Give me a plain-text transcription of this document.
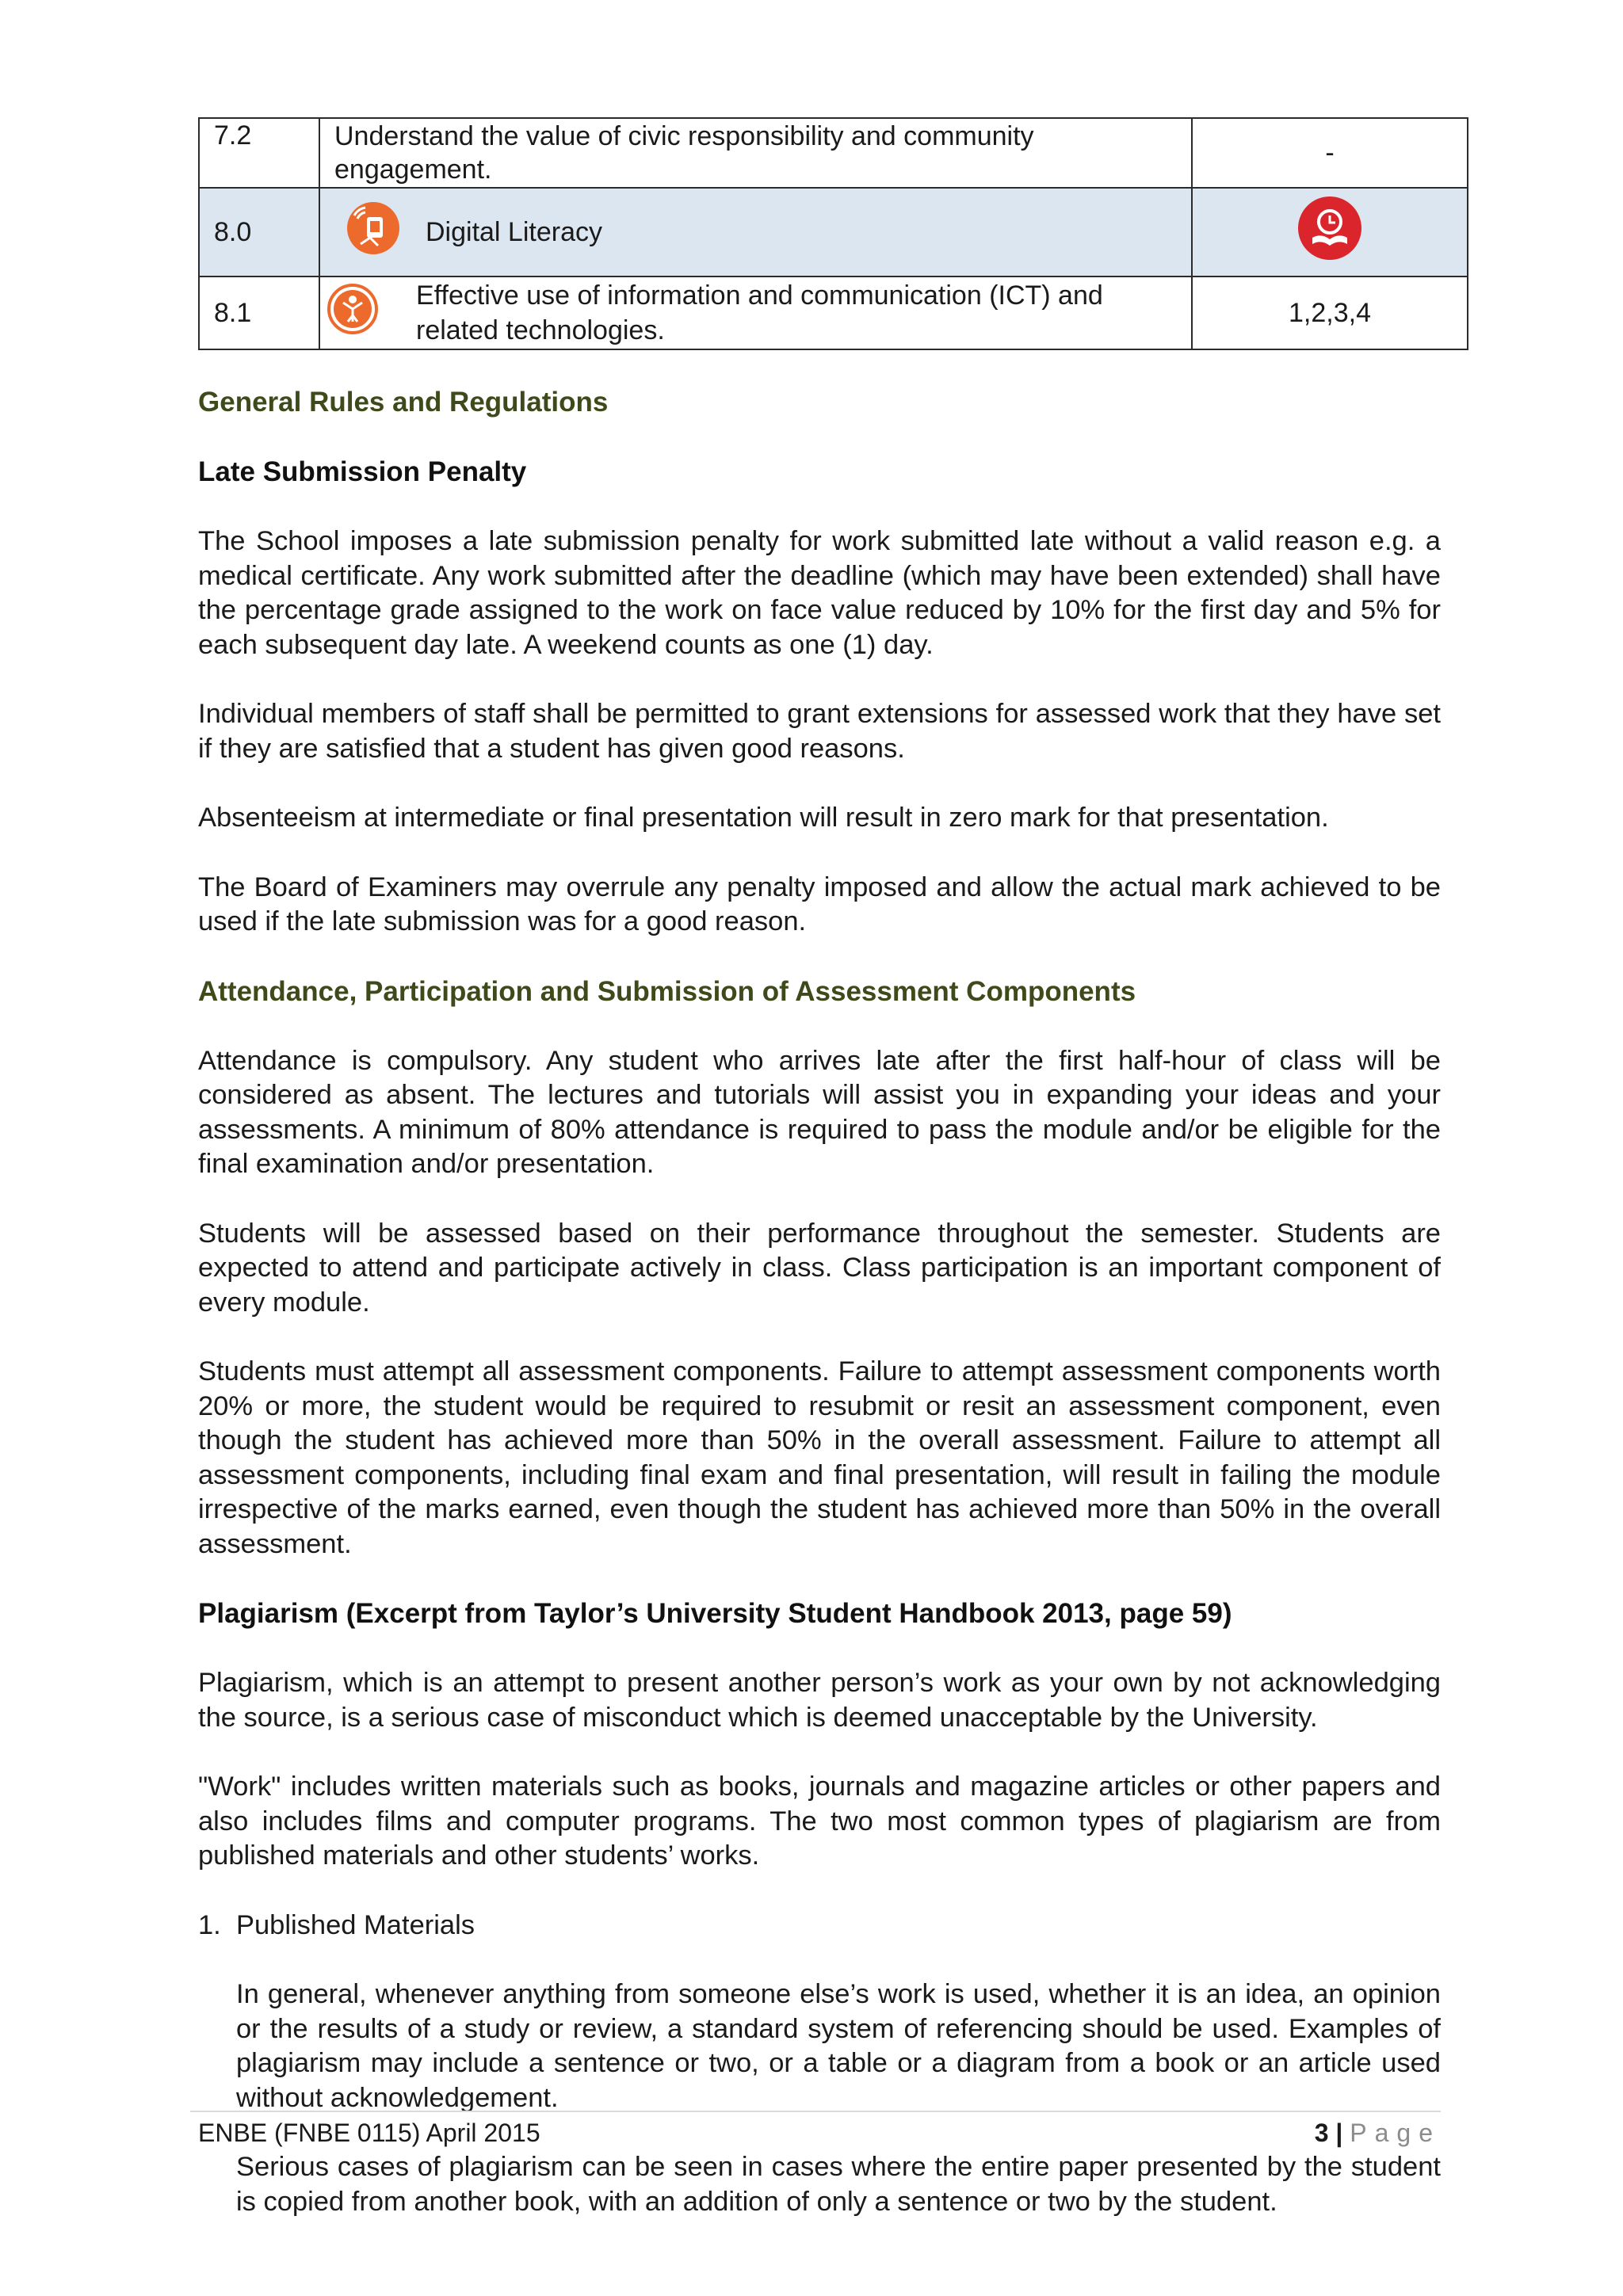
7.2	Understand the value of civic responsibility and community engagement.	-
8.0	Digital Literacy

8.1	Effective use of information and communication (ICT) and related technologies.	1,2,3,4
General Rules and Regulations
Late Submission Penalty

The School imposes a late submission penalty for work submitted late without a valid reason e.g. a medical certificate. Any work submitted after the deadline (which may have been extended) shall have the percentage grade assigned to the work on face value reduced by 10% for the first day and 5% for each subsequent day late. A weekend counts as one (1) day.

Individual members of staff shall be permitted to grant extensions for assessed work that they have set if they are satisfied that a student has given good reasons.

Absenteeism at intermediate or final presentation will result in zero mark for that presentation.

The Board of Examiners may overrule any penalty imposed and allow the actual mark achieved to be used if the late submission was for a good reason.

Attendance, Participation and Submission of Assessment Components

Attendance is compulsory. Any student who arrives late after the first half-hour of class will be considered as absent. The lectures and tutorials will assist you in expanding your ideas and your assessments. A minimum of 80% attendance is required to pass the module and/or be eligible for the final examination and/or presentation.

Students will be assessed based on their performance throughout the semester. Students are expected to attend and participate actively in class. Class participation is an important component of every module.

Students must attempt all assessment components. Failure to attempt assessment components worth 20% or more, the student would be required to resubmit or resit an assessment component, even though the student has achieved more than 50% in the overall assessment. Failure to attempt all assessment components, including final exam and final presentation, will result in failing the module irrespective of the marks earned, even though the student has achieved more than 50% in the overall assessment.

Plagiarism (Excerpt from Taylor’s University Student Handbook 2013, page 59)

Plagiarism, which is an attempt to present another person’s work as your own by not acknowledging the source, is a serious case of misconduct which is deemed unacceptable by the University.

"Work" includes written materials such as books, journals and magazine articles or other papers and also includes films and computer programs. The two most common types of plagiarism are from published materials and other students’ works.

1.  Published Materials

In general, whenever anything from someone else’s work is used, whether it is an idea, an opinion or the results of a study or review, a standard system of referencing should be used. Examples of plagiarism may include a sentence or two, or a table or a diagram from a book or an article used without acknowledgement.

Serious cases of plagiarism can be seen in cases where the entire paper presented by the student is copied from another book, with an addition of only a sentence or two by the student.

ENBE (FNBE 0115) April 2015	3 | Page
